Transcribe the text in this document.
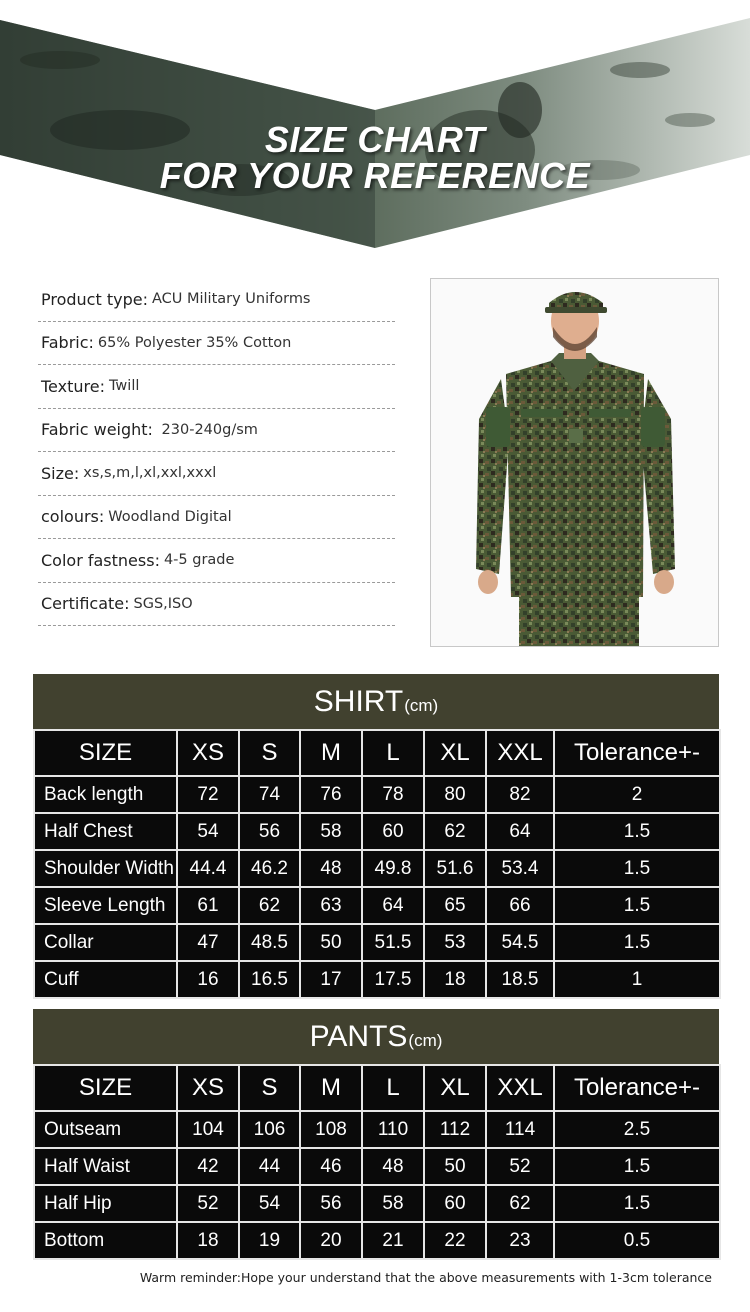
SIZE CHART
FOR YOUR REFERENCE
Product type: ACU Military Uniforms
Fabric: 65% Polyester 35% Cotton
Texture: Twill
Fabric weight: 230-240g/sm
Size: xs,s,m,l,xl,xxl,xxxl
colours: Woodland Digital
Color fastness: 4-5 grade
Certificate: SGS,ISO
SHIRT (cm)
SIZE	XS	S	M	L	XL	XXL	Tolerance+-
Back length	72	74	76	78	80	82	2
Half Chest	54	56	58	60	62	64	1.5
Shoulder Width	44.4	46.2	48	49.8	51.6	53.4	1.5
Sleeve Length	61	62	63	64	65	66	1.5
Collar	47	48.5	50	51.5	53	54.5	1.5
Cuff	16	16.5	17	17.5	18	18.5	1
PANTS (cm)
SIZE	XS	S	M	L	XL	XXL	Tolerance+-
Outseam	104	106	108	110	112	114	2.5
Half Waist	42	44	46	48	50	52	1.5
Half Hip	52	54	56	58	60	62	1.5
Bottom	18	19	20	21	22	23	0.5
Warm reminder:Hope your understand that the above measurements with 1-3cm tolerance
